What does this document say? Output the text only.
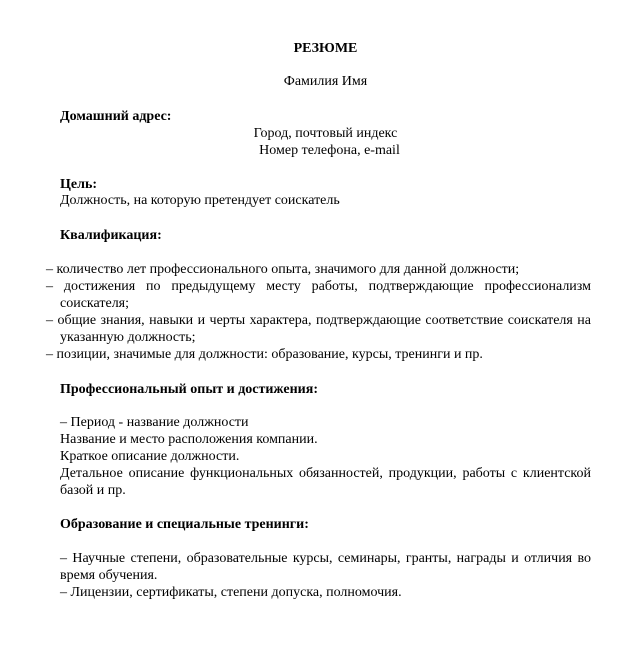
РЕЗЮМЕ
Фамилия Имя
Домашний адрес:
Город, почтовый индекс
Номер телефона, e-mail
Цель:
Должность, на которую претендует соискатель
Квалификация:
– количество лет профессионального опыта, значимого для данной должности;
– достижения по предыдущему месту работы, подтверждающие профессионализм соискателя;
– общие знания, навыки и черты характера, подтверждающие соответствие соискателя на указанную должность;
– позиции, значимые для должности: образование, курсы, тренинги и пр.
Профессиональный опыт и достижения:
– Период - название должности
Название и место расположения компании.
Краткое описание должности.
Детальное описание функциональных обязанностей, продукции, работы с клиентской базой и пр.
Образование и специальные тренинги:
– Научные степени, образовательные курсы, семинары, гранты, награды и отличия во время обучения.
– Лицензии, сертификаты, степени допуска, полномочия.
